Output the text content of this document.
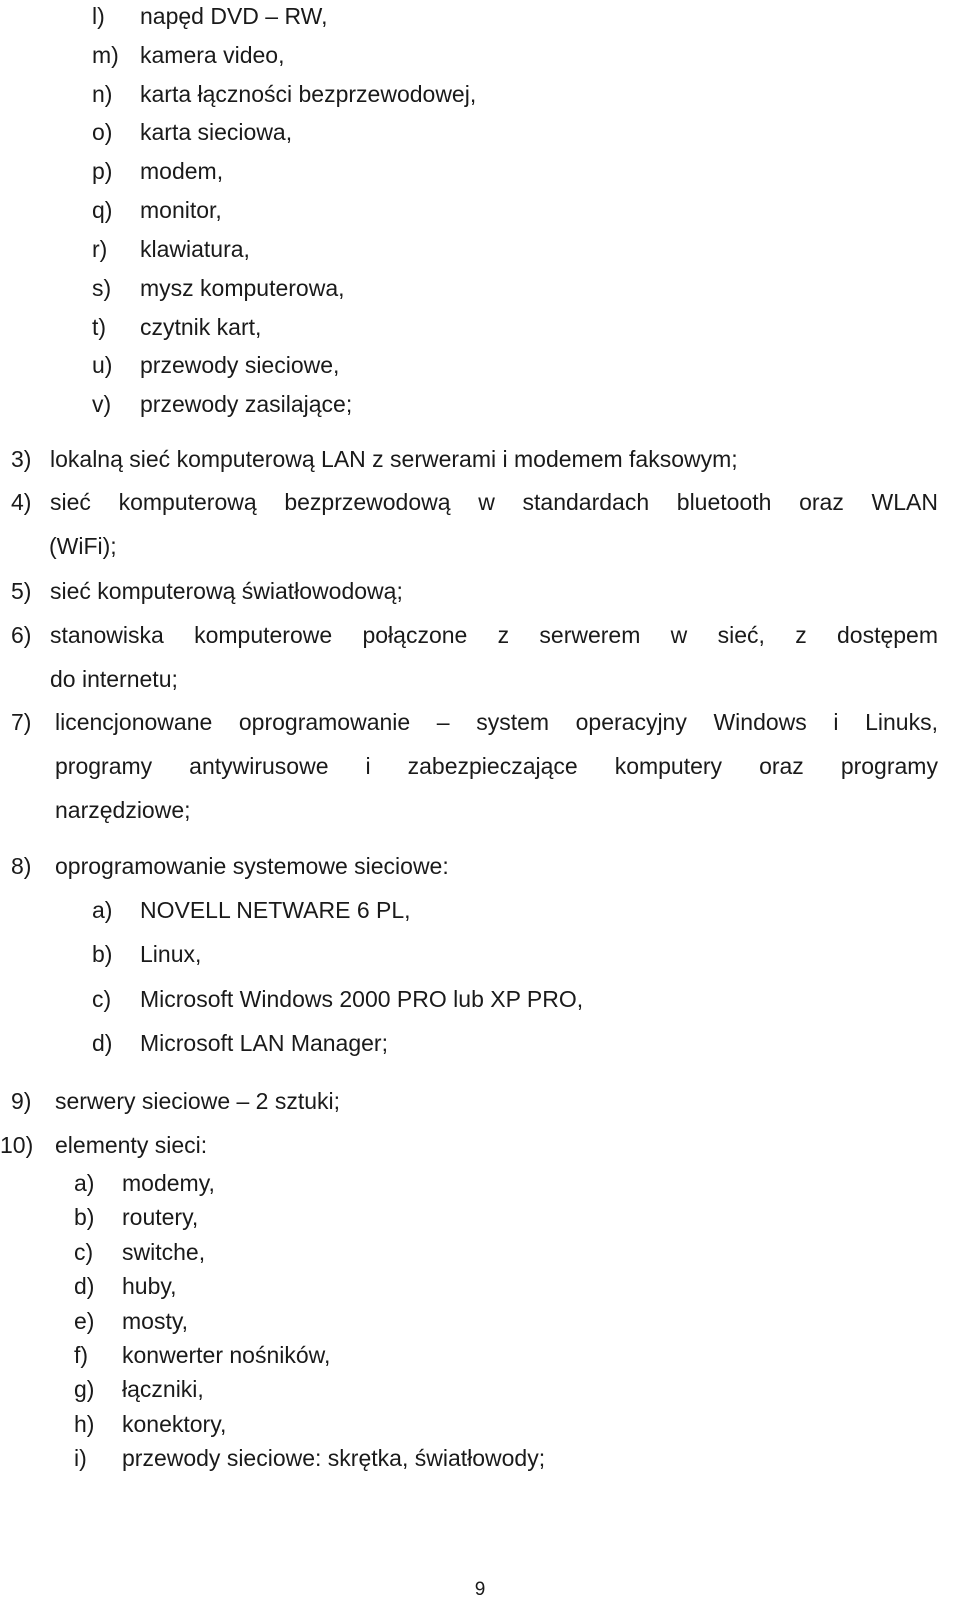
l) napęd DVD – RW,
m) kamera video,
n) karta łączności bezprzewodowej,
o) karta sieciowa,
p) modem,
q) monitor,
r) klawiatura,
s) mysz komputerowa,
t) czytnik kart,
u) przewody sieciowe,
v) przewody zasilające;
3) lokalną sieć komputerową LAN z serwerami i modemem faksowym;
4) sieć komputerową bezprzewodową w standardach bluetooth oraz WLAN
(WiFi);
5) sieć komputerową światłowodową;
6) stanowiska komputerowe połączone z serwerem w sieć, z dostępem
do internetu;
7) licencjonowane oprogramowanie – system operacyjny Windows i Linuks,
programy antywirusowe i zabezpieczające komputery oraz programy
narzędziowe;
8) oprogramowanie systemowe sieciowe:
a) NOVELL NETWARE 6 PL,
b) Linux,
c) Microsoft Windows 2000 PRO lub XP PRO,
d) Microsoft LAN Manager;
9) serwery sieciowe – 2 sztuki;
10) elementy sieci:
a) modemy,
b) routery,
c) switche,
d) huby,
e) mosty,
f) konwerter nośników,
g) łączniki,
h) konektory,
i) przewody sieciowe: skrętka, światłowody;
9
